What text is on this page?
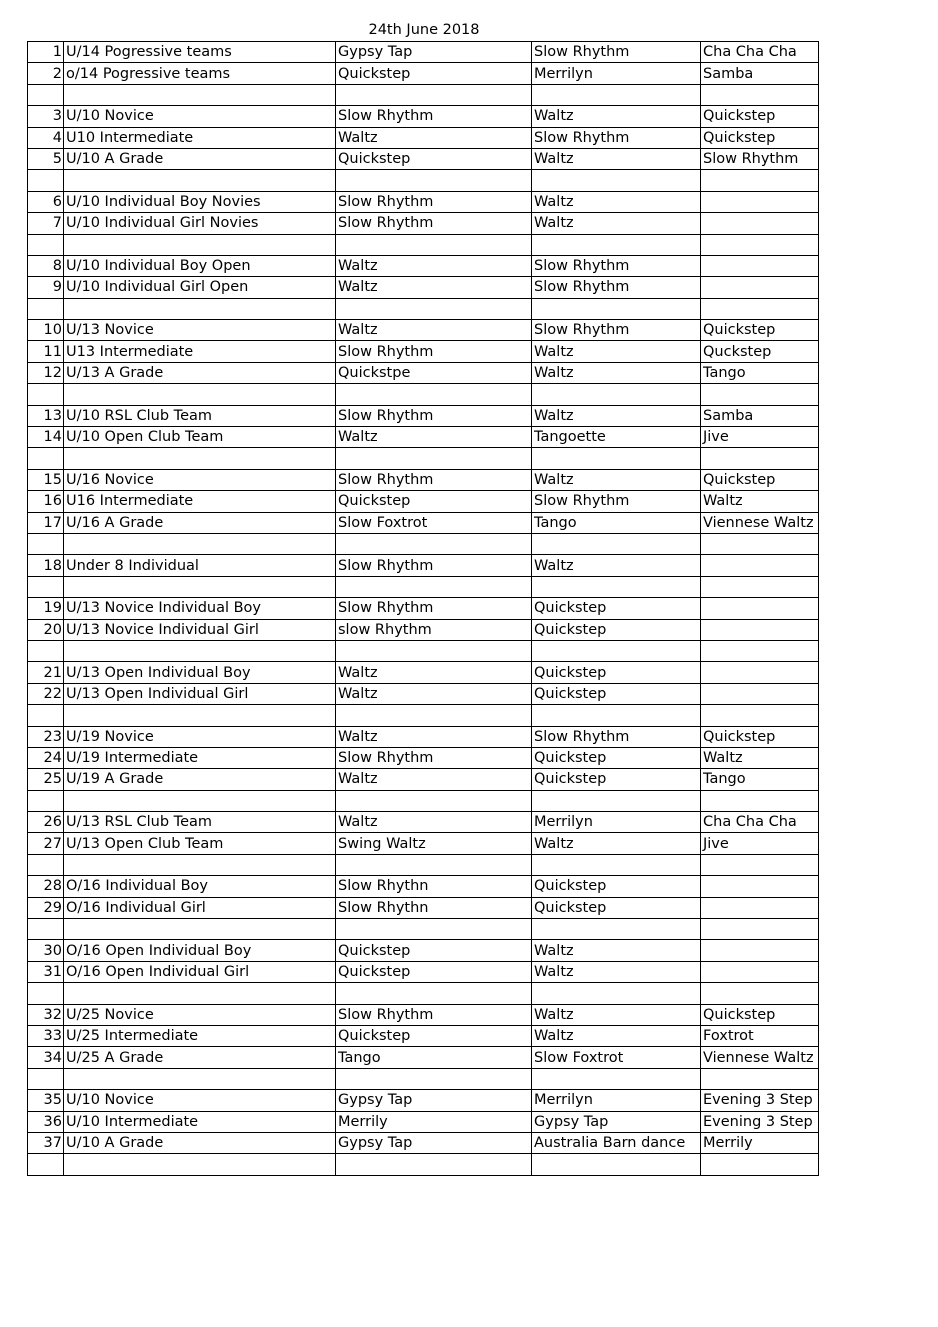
24th June 2018
1	U/14 Pogressive teams	Gypsy Tap	Slow Rhythm	Cha Cha Cha
2	o/14 Pogressive teams	Quickstep	Merrilyn	Samba

3	U/10 Novice	Slow Rhythm	Waltz	Quickstep
4	U10 Intermediate	Waltz	Slow Rhythm	Quickstep
5	U/10 A Grade	Quickstep	Waltz	Slow Rhythm

6	U/10 Individual Boy Novies	Slow Rhythm	Waltz	
7	U/10 Individual Girl Novies	Slow Rhythm	Waltz	

8	U/10 Individual Boy Open	Waltz	Slow Rhythm	
9	U/10 Individual Girl Open	Waltz	Slow Rhythm	

10	U/13 Novice	Waltz	Slow Rhythm	Quickstep
11	U13 Intermediate	Slow Rhythm	Waltz	Quckstep
12	U/13 A Grade	Quickstpe	Waltz	Tango

13	U/10 RSL Club Team	Slow Rhythm	Waltz	Samba
14	U/10 Open Club Team	Waltz	Tangoette	Jive

15	U/16 Novice	Slow Rhythm	Waltz	Quickstep
16	U16 Intermediate	Quickstep	Slow Rhythm	Waltz
17	U/16 A Grade	Slow Foxtrot	Tango	Viennese Waltz

18	Under 8 Individual	Slow Rhythm	Waltz	

19	U/13 Novice Individual Boy	Slow Rhythm	Quickstep	
20	U/13 Novice Individual Girl	slow Rhythm	Quickstep	

21	U/13 Open Individual Boy	Waltz	Quickstep	
22	U/13 Open Individual Girl	Waltz	Quickstep	

23	U/19 Novice	Waltz	Slow Rhythm	Quickstep
24	U/19 Intermediate	Slow Rhythm	Quickstep	Waltz
25	U/19 A Grade	Waltz	Quickstep	Tango

26	U/13 RSL Club Team	Waltz	Merrilyn	Cha Cha Cha
27	U/13 Open Club Team	Swing Waltz	Waltz	Jive

28	O/16 Individual Boy	Slow Rhythn	Quickstep	
29	O/16 Individual Girl	Slow Rhythn	Quickstep	

30	O/16 Open Individual Boy	Quickstep	Waltz	
31	O/16 Open Individual Girl	Quickstep	Waltz	

32	U/25 Novice	Slow Rhythm	Waltz	Quickstep
33	U/25 Intermediate	Quickstep	Waltz	Foxtrot
34	U/25 A Grade	Tango	Slow Foxtrot	Viennese Waltz

35	U/10 Novice	Gypsy Tap	Merrilyn	Evening 3 Step
36	U/10 Intermediate	Merrily	Gypsy Tap	Evening 3 Step
37	U/10 A Grade	Gypsy Tap	Australia Barn dance	Merrily
